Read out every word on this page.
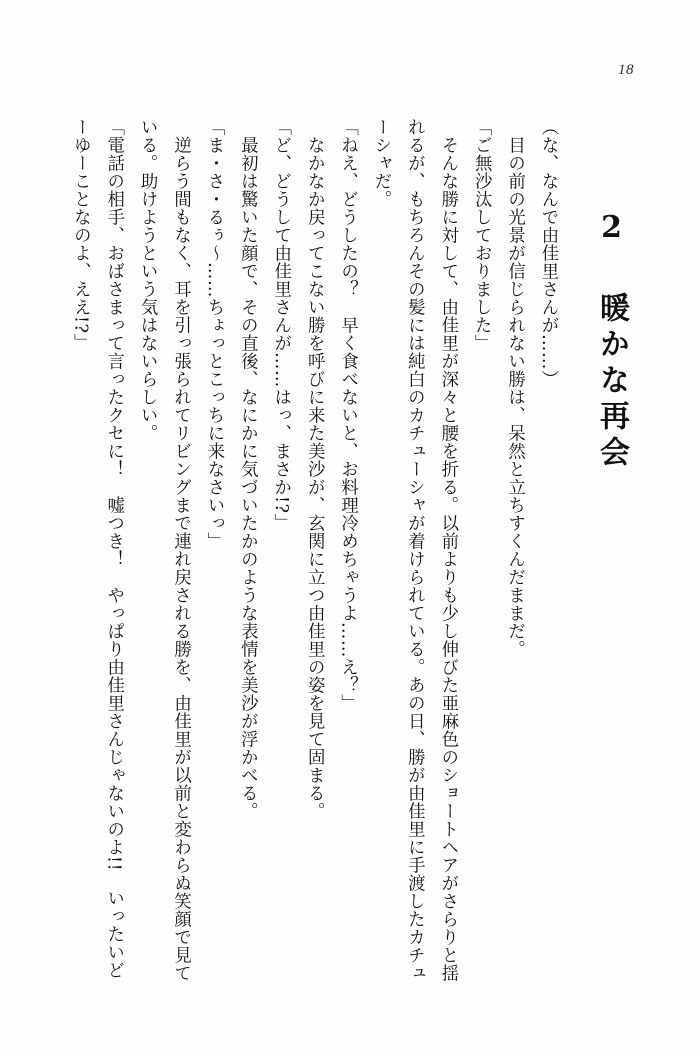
18
2 暖かな再会

（な、なんで由佳里さんが……）

　目の前の光景が信じられない勝は、呆然と立ちすくんだままだ。

「ご無沙汰しておりました」

　そんな勝に対して、由佳里が深々と腰を折る。以前よりも少し伸びた亜麻色のショートヘアがさらりと揺れるが、もちろんその髪には純白のカチューシャが着けられている。あの日、勝が由佳里に手渡したカチューシャだ。

「ねえ、どうしたの？　早く食べないと、お料理冷めちゃうよ……え？」

　なかなか戻ってこない勝を呼びに来た美沙が、玄関に立つ由佳里の姿を見て固まる。

「ど、どうして由佳里さんが……はっ、まさか!?」

　最初は驚いた顔で、その直後、なにかに気づいたかのような表情を美沙が浮かべる。

「ま・さ・るぅ～……ちょっとこっちに来なさいっ」

　逆らう間もなく、耳を引っ張られてリビングまで連れ戻される勝を、由佳里が以前と変わらぬ笑顔で見ている。助けようという気はないらしい。

「電話の相手、おばさまって言ったクセに！　嘘つき！　やっぱり由佳里さんじゃないのよ!!　いったいどーゆーことなのよ、ええ!?」
